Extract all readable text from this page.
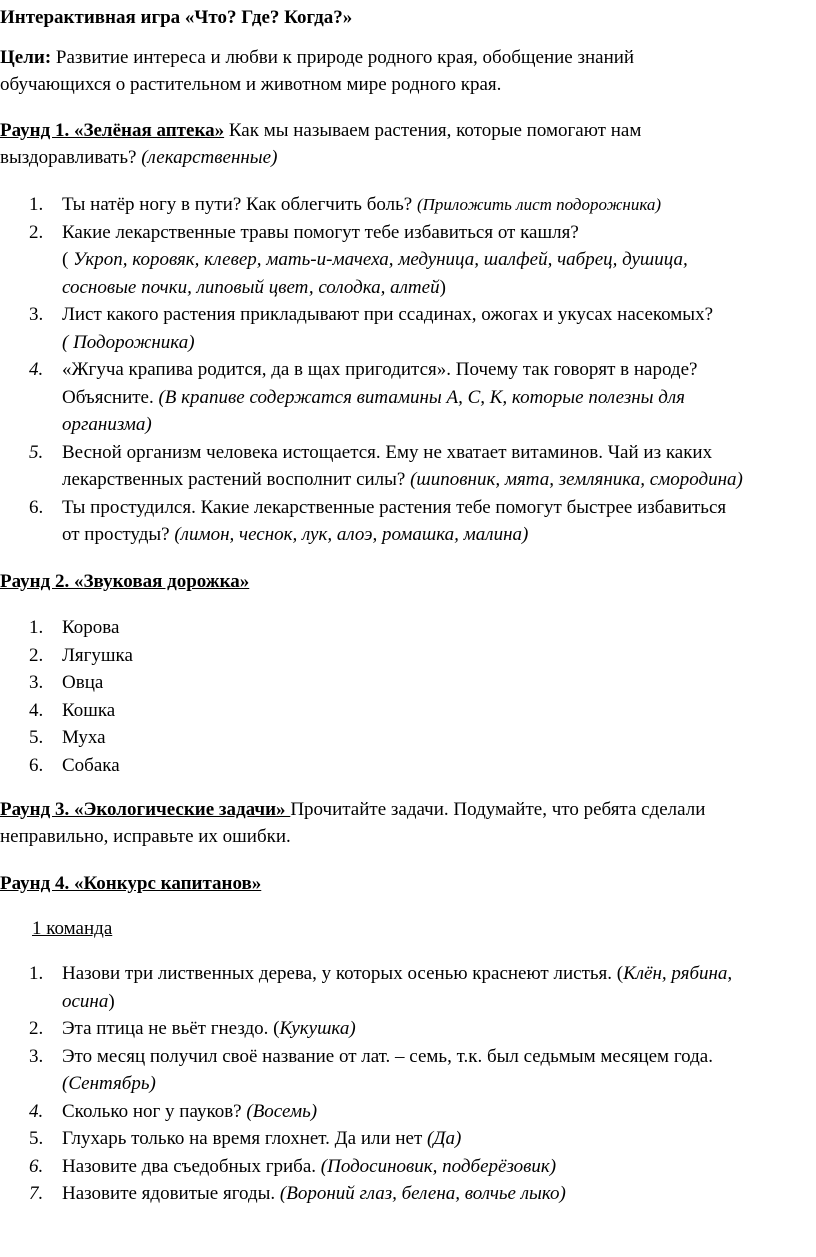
Интерактивная игра «Что? Где? Когда?»
Цели: Развитие интереса и любви к природе родного края, обобщение знаний
обучающихся о растительном и животном мире родного края.
Раунд 1. «Зелёная аптека» Как мы называем растения, которые помогают нам
выздоравливать? (лекарственные)
1. Ты натёр ногу в пути? Как облегчить боль? (Приложить лист подорожника)
2. Какие лекарственные травы помогут тебе избавиться от кашля?
( Укроп, коровяк, клевер, мать-и-мачеха, медуница, шалфей, чабрец, душица,
сосновые почки, липовый цвет, солодка, алтей)
3. Лист какого растения прикладывают при ссадинах, ожогах и укусах насекомых?
( Подорожника)
4. «Жгуча крапива родится, да в щах пригодится». Почему так говорят в народе?
Объясните. (В крапиве содержатся витамины А, С, К, которые полезны для
организма)
5. Весной организм человека истощается. Ему не хватает витаминов. Чай из каких
лекарственных растений восполнит силы? (шиповник, мята, земляника, смородина)
6. Ты простудился. Какие лекарственные растения тебе помогут быстрее избавиться
от простуды? (лимон, чеснок, лук, алоэ, ромашка, малина)
Раунд 2. «Звуковая дорожка»
1. Корова
2. Лягушка
3. Овца
4. Кошка
5. Муха
6. Собака
Раунд 3. «Экологические задачи» Прочитайте задачи. Подумайте, что ребята сделали
неправильно, исправьте их ошибки.
Раунд 4. «Конкурс капитанов»
1 команда
1. Назови три лиственных дерева, у которых осенью краснеют листья. (Клён, рябина,
осина)
2. Эта птица не вьёт гнездо. (Кукушка)
3. Это месяц получил своё название от лат. – семь, т.к. был седьмым месяцем года.
(Сентябрь)
4. Сколько ног у пауков? (Восемь)
5. Глухарь только на время глохнет. Да или нет (Да)
6. Назовите два съедобных гриба. (Подосиновик, подберёзовик)
7. Назовите ядовитые ягоды. (Вороний глаз, белена, волчье лыко)
